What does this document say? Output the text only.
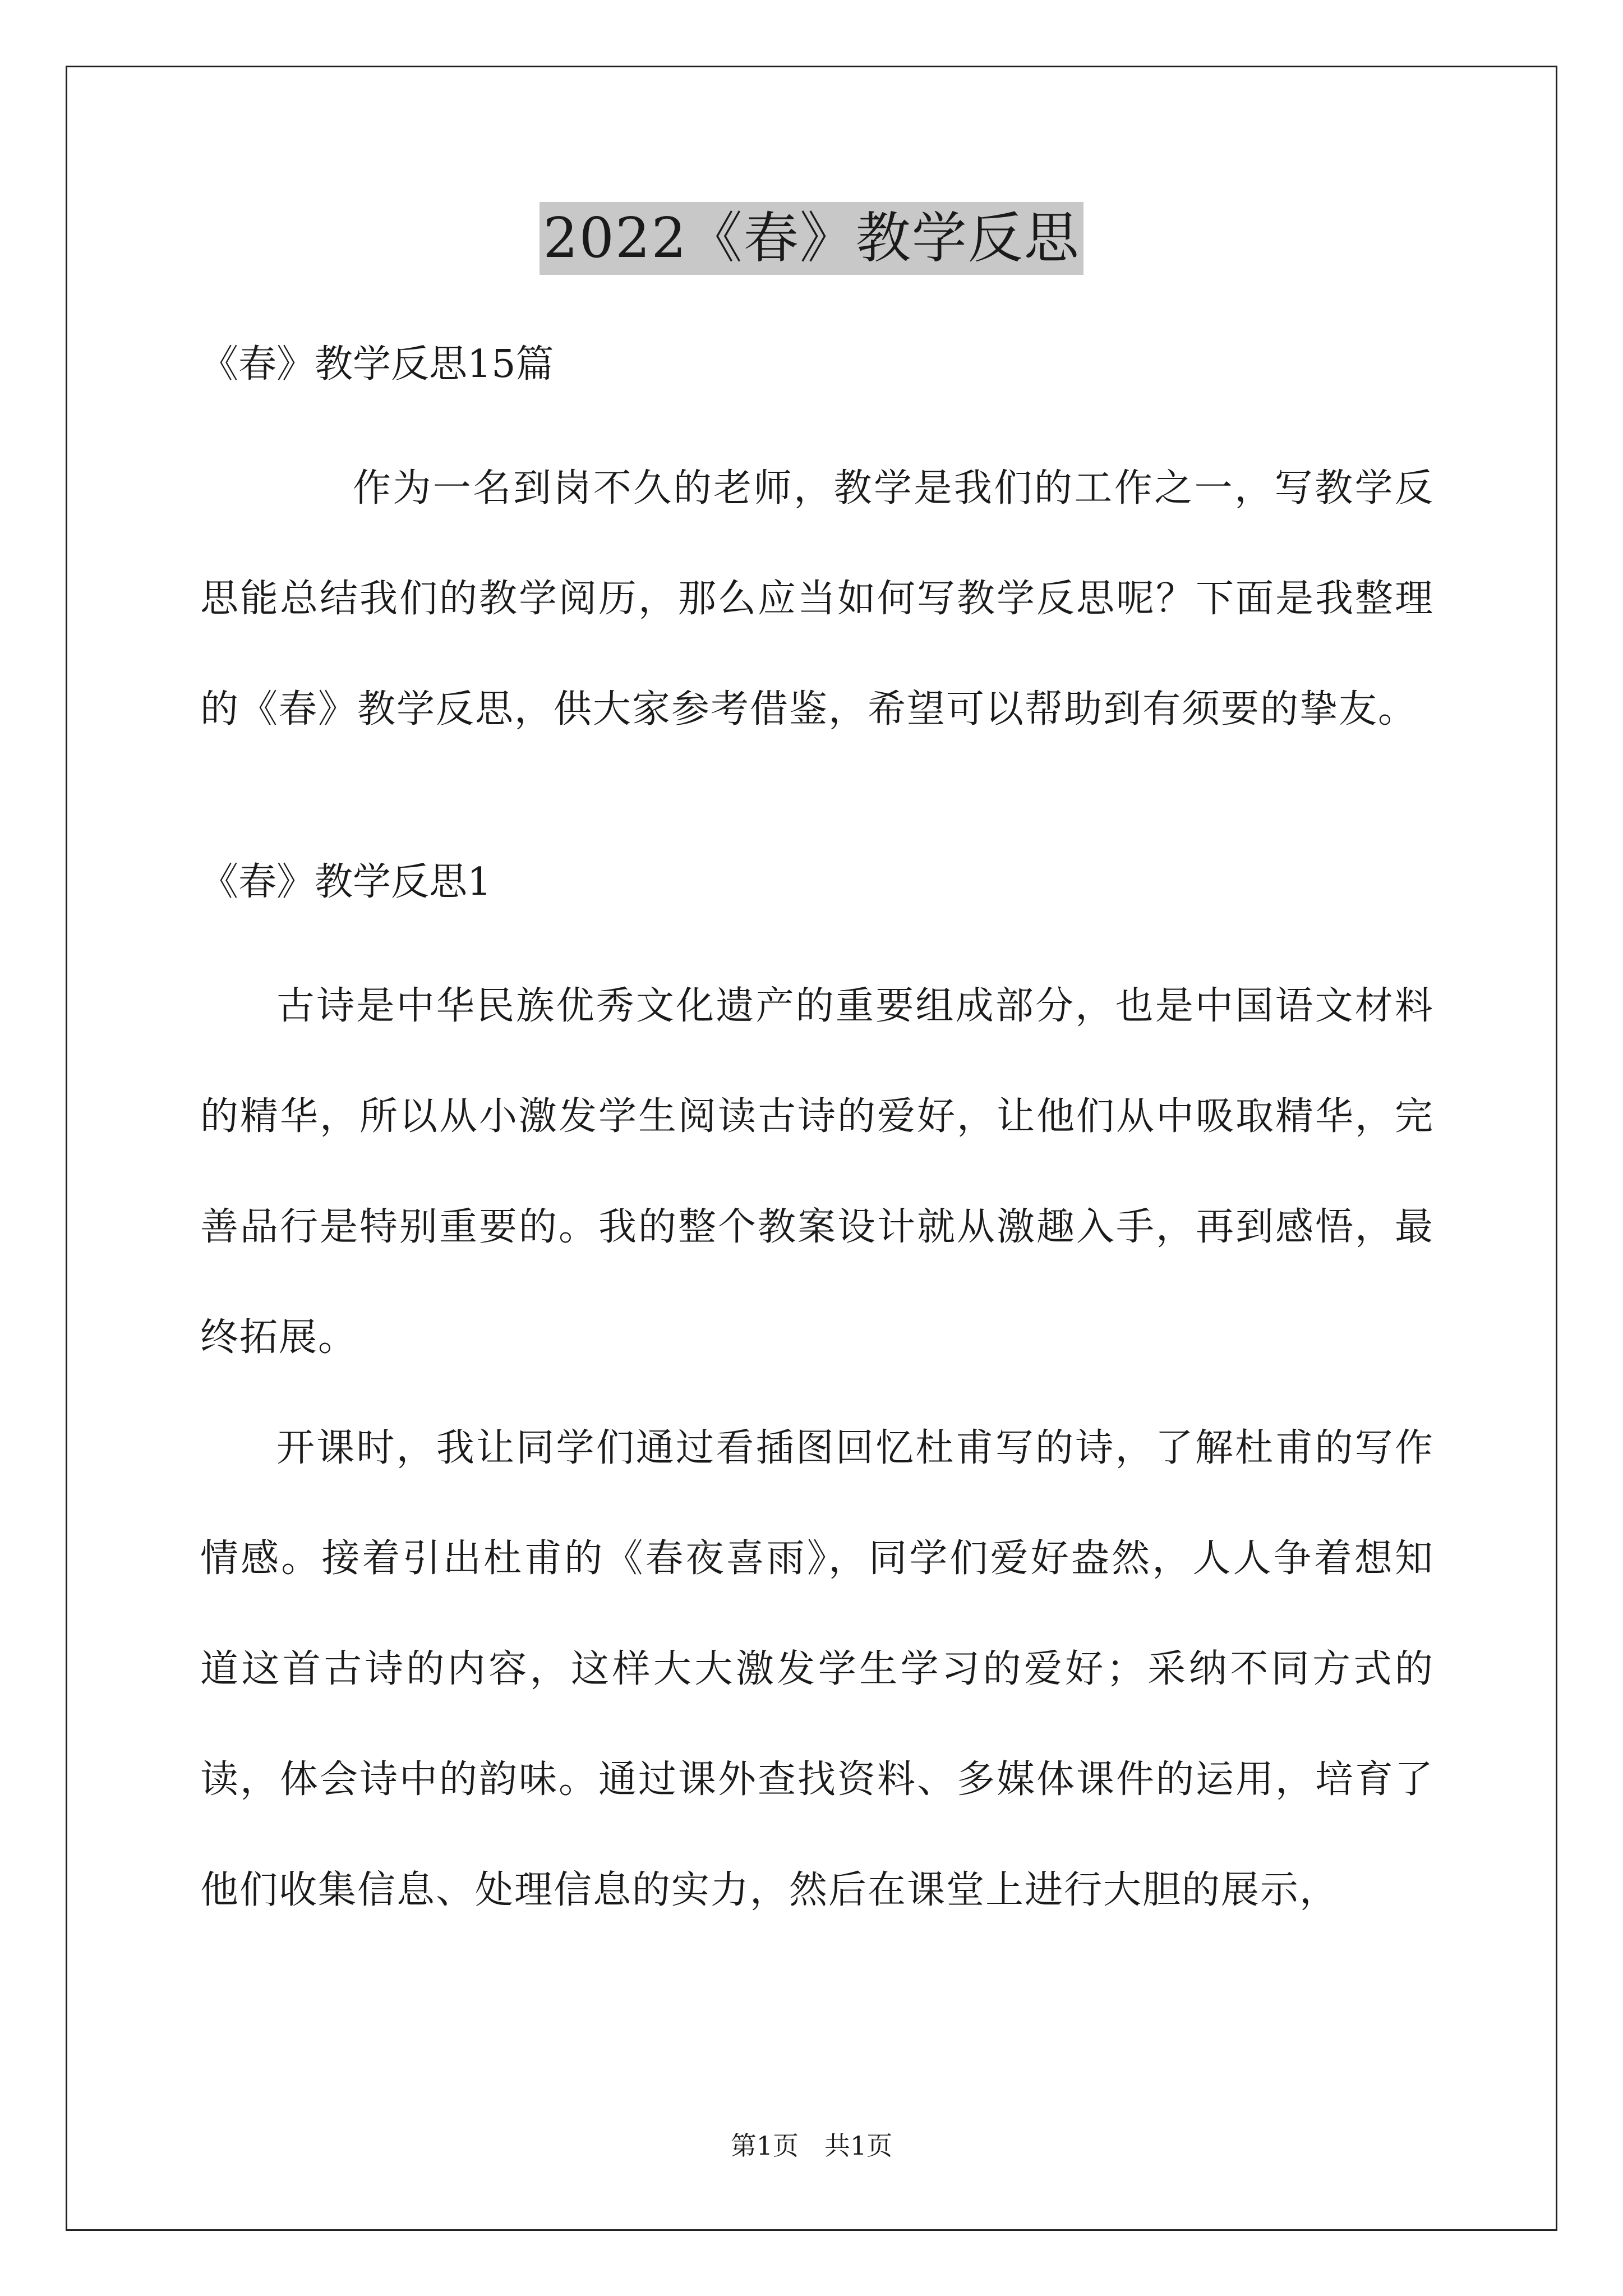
2022《春》教学反思

《春》教学反思15篇

作为一名到岗不久的老师，教学是我们的工作之一，写教学反思能总结我们的教学阅历，那么应当如何写教学反思呢？下面是我整理的《春》教学反思，供大家参考借鉴，希望可以帮助到有须要的挚友。

《春》教学反思1

古诗是中华民族优秀文化遗产的重要组成部分，也是中国语文材料的精华，所以从小激发学生阅读古诗的爱好，让他们从中吸取精华，完善品行是特别重要的。我的整个教案设计就从激趣入手，再到感悟，最终拓展。

开课时，我让同学们通过看插图回忆杜甫写的诗，了解杜甫的写作情感。接着引出杜甫的《春夜喜雨》，同学们爱好盎然，人人争着想知道这首古诗的内容，这样大大激发学生学习的爱好；采纳不同方式的读，体会诗中的韵味。通过课外查找资料、多媒体课件的运用，培育了他们收集信息、处理信息的实力，然后在课堂上进行大胆的展示，

第1页　共1页
